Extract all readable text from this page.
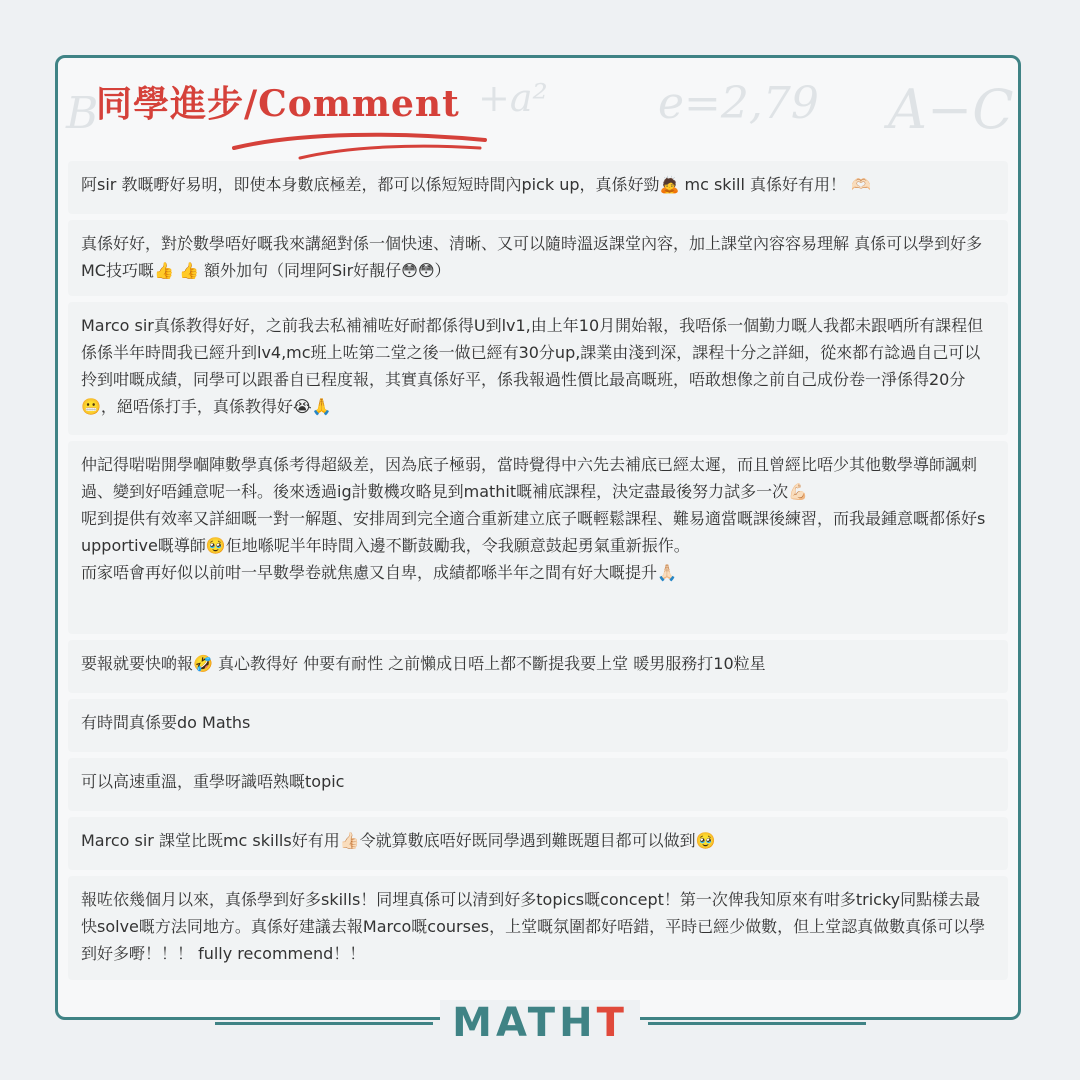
B	+a²	e=2,79 A−C
同學進步/Comment
阿sir 教嘅嘢好易明，即使本身數底極差，都可以係短短時間內pick up，真係好勁🙇 mc skill 真係好有用！ 🫶🏻
真係好好，對於數學唔好嘅我來講絕對係一個快速、清晰、又可以隨時溫返課堂內容，加上課堂內容容易理解 真係可以學到好多MC技巧嘅👍 👍 額外加句（同埋阿Sir好靚仔😳😳）
Marco sir真係教得好好，之前我去私補補咗好耐都係得U到lv1,由上年10月開始報，我唔係一個勤力嘅人我都未跟哂所有課程但係係半年時間我已經升到lv4,mc班上咗第二堂之後一做已經有30分up,課業由淺到深，課程十分之詳細，從來都冇諗過自己可以拎到咁嘅成績，同學可以跟番自已程度報，其實真係好平，係我報過性價比最高嘅班，唔敢想像之前自己成份卷一淨係得20分😬，絕唔係打手，真係教得好😭🙏
仲記得啱啱開學嗰陣數學真係考得超級差，因為底子極弱，當時覺得中六先去補底已經太遲，而且曾經比唔少其他數學導師諷刺過、變到好唔鍾意呢一科。後來透過ig計數機攻略見到mathit嘅補底課程，決定盡最後努力試多一次💪🏻
呢到提供有效率又詳細嘅一對一解題、安排周到完全適合重新建立底子嘅輕鬆課程、難易適當嘅課後練習，而我最鍾意嘅都係好supportive嘅導師🥹佢地喺呢半年時間入邊不斷鼓勵我，令我願意鼓起勇氣重新振作。
而家唔會再好似以前咁一早數學卷就焦慮又自卑，成績都喺半年之間有好大嘅提升🙏🏻
要報就要快啲報🤣 真心教得好 仲要有耐性 之前懶成日唔上都不斷提我要上堂 暖男服務打10粒星
有時間真係要do Maths
可以高速重溫，重學呀識唔熟嘅topic
Marco sir 課堂比既mc skills好有用👍🏻令就算數底唔好既同學遇到難既題目都可以做到🥹
報咗依幾個月以來，真係學到好多skills！同埋真係可以清到好多topics嘅concept！第一次俾我知原來有咁多tricky同點樣去最快solve嘅方法同地方。真係好建議去報Marco嘅courses，上堂嘅氛圍都好唔錯，平時已經少做數，但上堂認真做數真係可以學到好多嘢！！！ fully recommend！！
MATHT
